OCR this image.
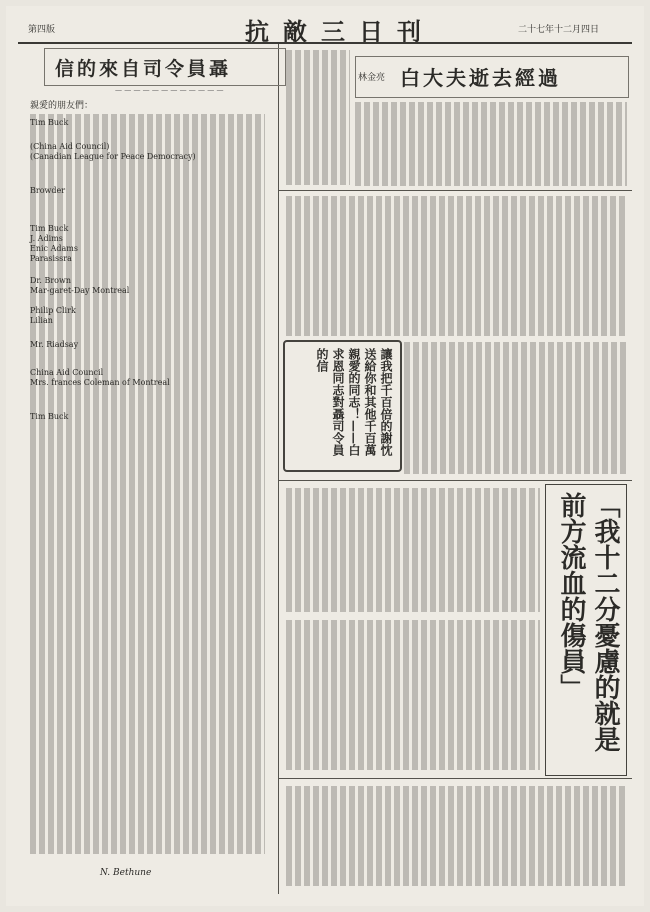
第四版	抗敵三日刊	二十七年十二月四日
信的來自司令員聶
— — — — — — — — — — — —
親愛的朋友們：
Tim Buck
(China Aid Council)
(Canadian League for Peace Democracy)
Browder
Tim Buck
J. Adims
Enic Adams
Parasissra
Dr. Brown
Mar-garet-Day Montreal
Philip Clirk
Lilian
Mr. Riadsay
China Aid Council
Mrs. frances Coleman of Montreal
Tim Buck
N. Bethune
林金亮 白大夫逝去經過
讓我把千百倍的謝忱送給你和其他千百萬親愛的同志！——白求恩同志對聶司令員的信
「我十二分憂慮的就是前方流血的傷員」
